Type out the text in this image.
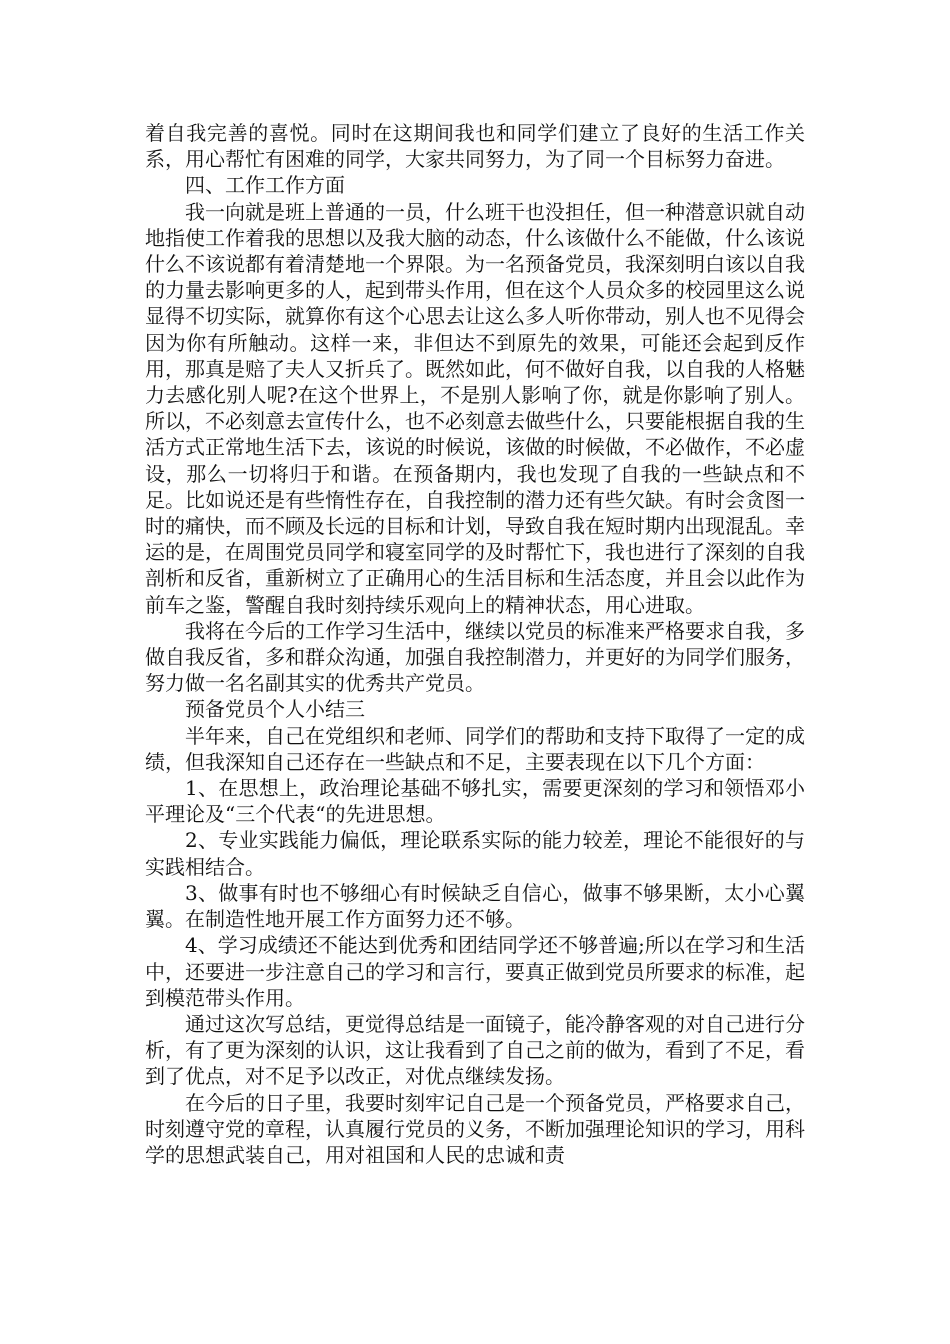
着自我完善的喜悦。同时在这期间我也和同学们建立了良好的生活工作关系，用心帮忙有困难的同学，大家共同努力，为了同一个目标努力奋进。

四、工作工作方面

我一向就是班上普通的一员，什么班干也没担任，但一种潜意识就自动地指使工作着我的思想以及我大脑的动态，什么该做什么不能做，什么该说什么不该说都有着清楚地一个界限。为一名预备党员，我深刻明白该以自我的力量去影响更多的人，起到带头作用，但在这个人员众多的校园里这么说显得不切实际，就算你有这个心思去让这么多人听你带动，别人也不见得会因为你有所触动。这样一来，非但达不到原先的效果，可能还会起到反作用，那真是赔了夫人又折兵了。既然如此，何不做好自我，以自我的人格魅力去感化别人呢?在这个世界上，不是别人影响了你，就是你影响了别人。所以，不必刻意去宣传什么，也不必刻意去做些什么，只要能根据自我的生活方式正常地生活下去，该说的时候说，该做的时候做，不必做作，不必虚设，那么一切将归于和谐。在预备期内，我也发现了自我的一些缺点和不足。比如说还是有些惰性存在，自我控制的潜力还有些欠缺。有时会贪图一时的痛快，而不顾及长远的目标和计划，导致自我在短时期内出现混乱。幸运的是，在周围党员同学和寝室同学的及时帮忙下，我也进行了深刻的自我剖析和反省，重新树立了正确用心的生活目标和生活态度，并且会以此作为前车之鉴，警醒自我时刻持续乐观向上的精神状态，用心进取。

我将在今后的工作学习生活中，继续以党员的标准来严格要求自我，多做自我反省，多和群众沟通，加强自我控制潜力，并更好的为同学们服务，努力做一名名副其实的优秀共产党员。

预备党员个人小结三

半年来，自己在党组织和老师、同学们的帮助和支持下取得了一定的成绩，但我深知自己还存在一些缺点和不足，主要表现在以下几个方面：

1、在思想上，政治理论基础不够扎实，需要更深刻的学习和领悟邓小平理论及“三个代表“的先进思想。

2、专业实践能力偏低，理论联系实际的能力较差，理论不能很好的与实践相结合。

3、做事有时也不够细心有时候缺乏自信心，做事不够果断，太小心翼翼。在制造性地开展工作方面努力还不够。

4、学习成绩还不能达到优秀和团结同学还不够普遍;所以在学习和生活中，还要进一步注意自己的学习和言行，要真正做到党员所要求的标准，起到模范带头作用。

通过这次写总结，更觉得总结是一面镜子，能冷静客观的对自己进行分析，有了更为深刻的认识，这让我看到了自己之前的做为，看到了不足，看到了优点，对不足予以改正，对优点继续发扬。

在今后的日子里，我要时刻牢记自己是一个预备党员，严格要求自己，时刻遵守党的章程，认真履行党员的义务，不断加强理论知识的学习，用科学的思想武装自己，用对祖国和人民的忠诚和责
